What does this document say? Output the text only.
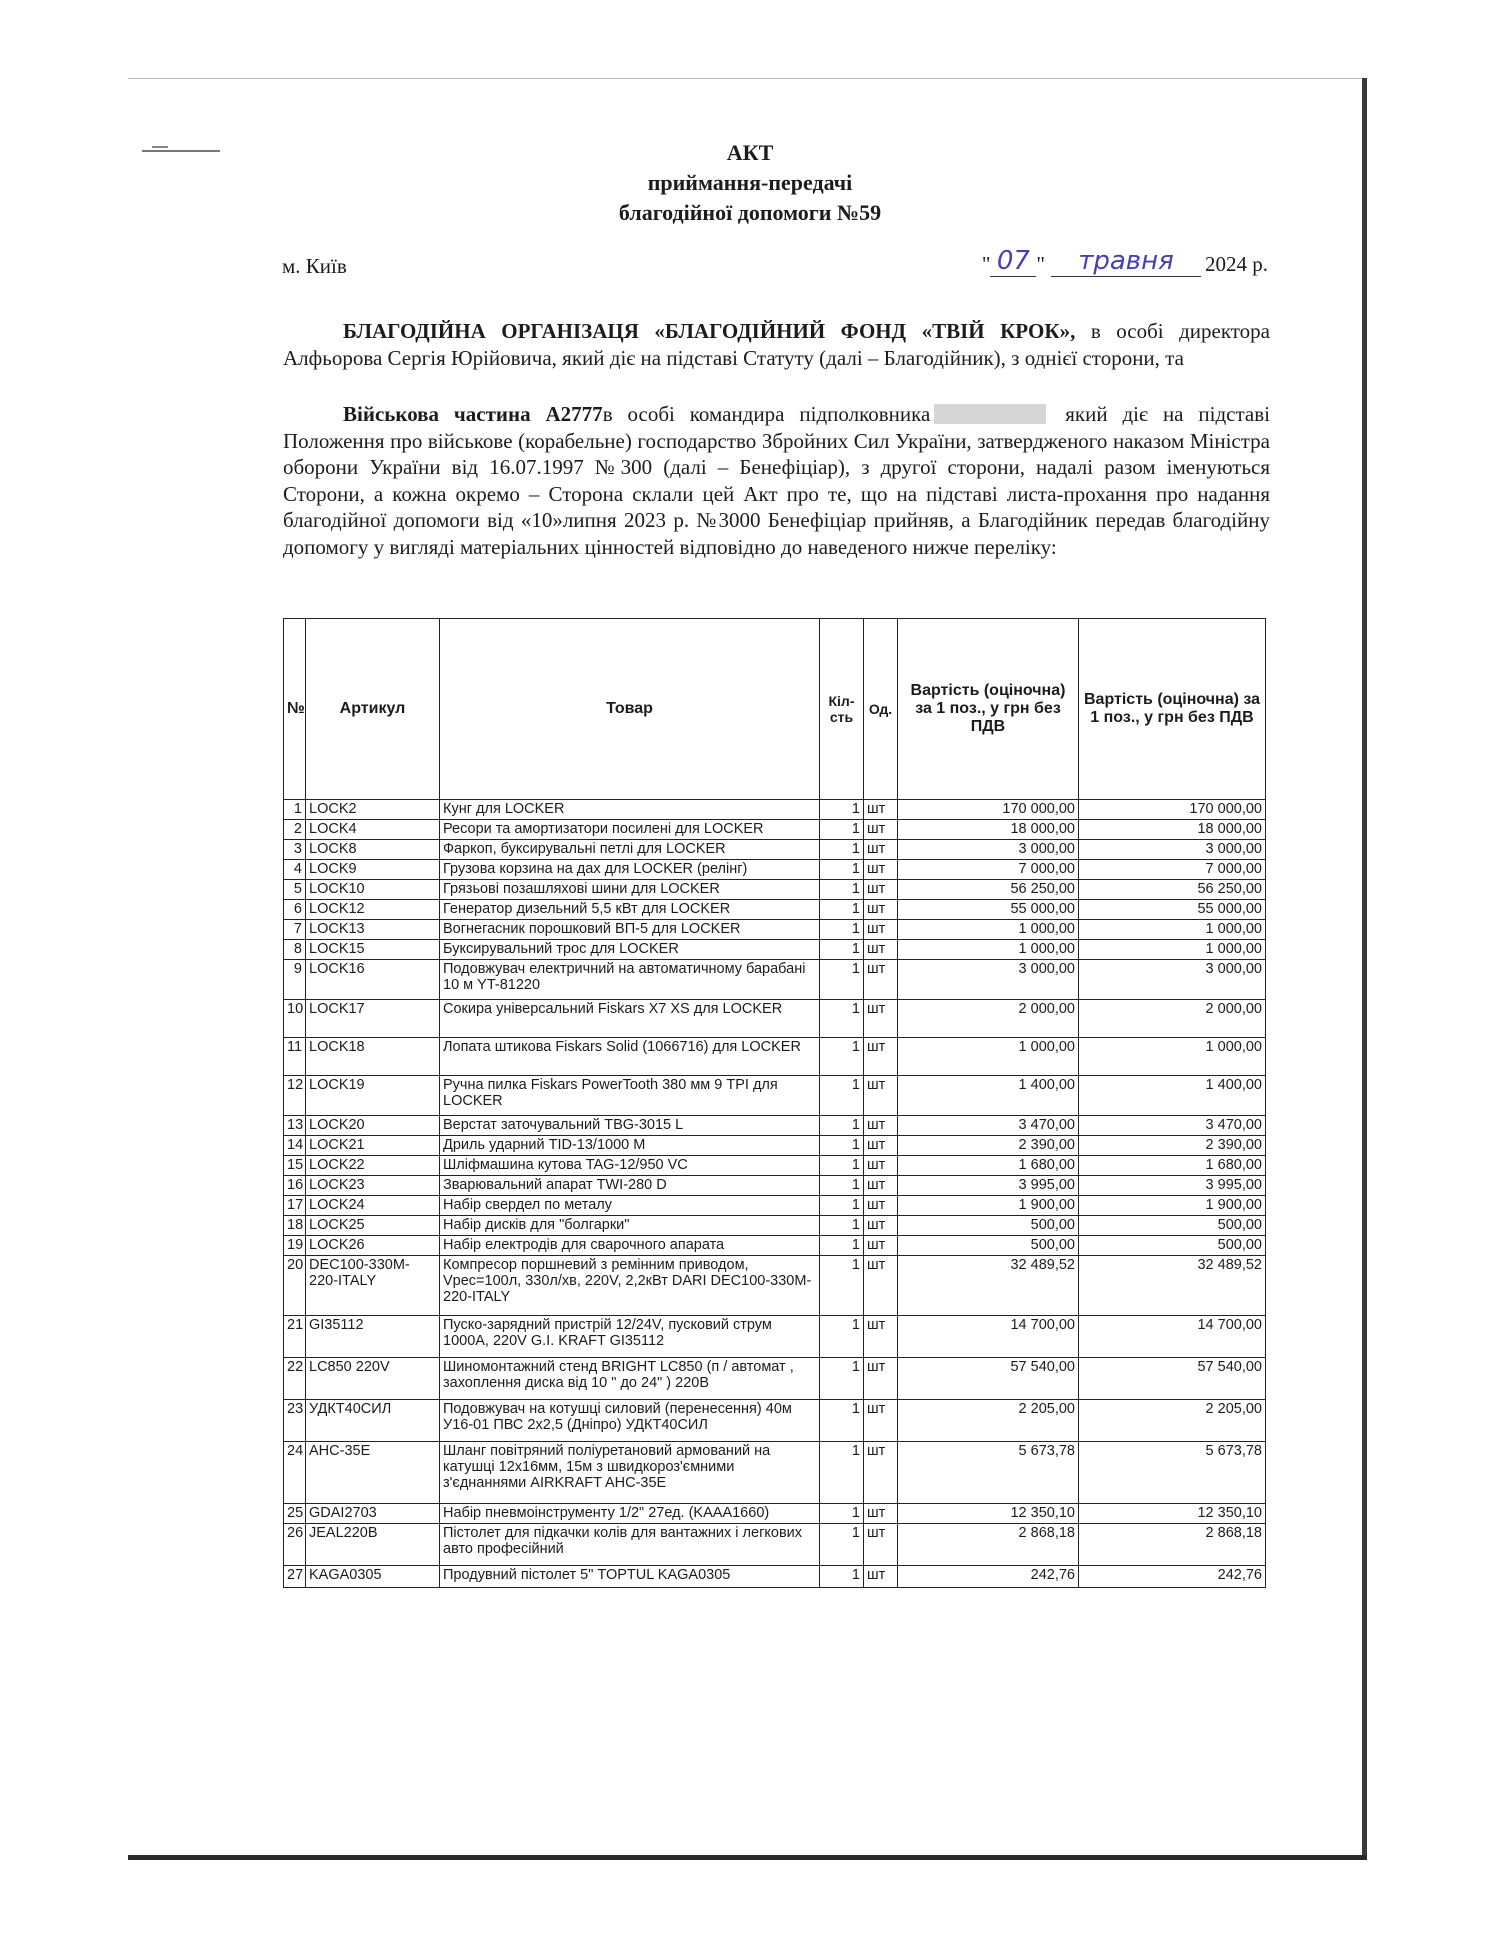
АКТ
приймання-передачі
благодійної допомоги №59
м. Київ	" 07 "	травня	2024 р.
БЛАГОДІЙНА ОРГАНІЗАЦЯ «БЛАГОДІЙНИЙ ФОНД «ТВІЙ КРОК», в особі директора Алфьорова Сергія Юрійовича, який діє на підставі Статуту (далі – Благодійник), з однієї сторони, та
Військова частина А2777в особі командира підполковника	який діє на підставі Положення про військове (корабельне) господарство Збройних Сил України, затвердженого наказом Міністра оборони України від 16.07.1997 №300 (далі – Бенефіціар), з другої сторони, надалі разом іменуються Сторони, а кожна окремо – Сторона склали цей Акт про те, що на підставі листа-прохання про надання благодійної допомоги від «10»липня 2023 р. №3000 Бенефіціар прийняв, а Благодійник передав благодійну допомогу у вигляді матеріальних цінностей відповідно до наведеного нижче переліку:
№	Артикул	Товар	Кіл-сть	Од.	Вартість (оціночна) за 1 поз., у грн без ПДВ	Вартість (оціночна) за 1 поз., у грн без ПДВ
1	LOCK2	Кунг для LOCKER	1	шт	170 000,00	170 000,00
2	LOCK4	Ресори та амортизатори посилені для LOCKER	1	шт	18 000,00	18 000,00
3	LOCK8	Фаркоп, буксирувальні петлі для LOCKER	1	шт	3 000,00	3 000,00
4	LOCK9	Грузова корзина на дах для LOCKER (релінг)	1	шт	7 000,00	7 000,00
5	LOCK10	Грязьові позашляхові шини для LOCKER	1	шт	56 250,00	56 250,00
6	LOCK12	Генератор дизельний 5,5 кВт для LOCKER	1	шт	55 000,00	55 000,00
7	LOCK13	Вогнегасник порошковий ВП-5 для LOCKER	1	шт	1 000,00	1 000,00
8	LOCK15	Буксирувальний трос для LOCKER	1	шт	1 000,00	1 000,00
9	LOCK16	Подовжувач електричний на автоматичному барабані 10 м YT-81220	1	шт	3 000,00	3 000,00
10	LOCK17	Сокира універсальний Fiskars X7 XS для LOCKER	1	шт	2 000,00	2 000,00
11	LOCK18	Лопата штикова Fiskars Solid (1066716) для LOCKER	1	шт	1 000,00	1 000,00
12	LOCK19	Ручна пилка Fiskars PowerTooth 380 мм 9 TPI для LOCKER	1	шт	1 400,00	1 400,00
13	LOCK20	Верстат заточувальний TBG-3015 L	1	шт	3 470,00	3 470,00
14	LOCK21	Дриль ударний TID-13/1000 M	1	шт	2 390,00	2 390,00
15	LOCK22	Шліфмашина кутова TAG-12/950 VC	1	шт	1 680,00	1 680,00
16	LOCK23	Зварювальний апарат TWI-280 D	1	шт	3 995,00	3 995,00
17	LOCK24	Набір свердел по металу	1	шт	1 900,00	1 900,00
18	LOCK25	Набір дисків для "болгарки"	1	шт	500,00	500,00
19	LOCK26	Набір електродів для сварочного апарата	1	шт	500,00	500,00
20	DEC100-330M-220-ITALY	Компресор поршневий з ремінним приводом, Vpec=100л, 330л/хв, 220V, 2,2кВт DARI DEC100-330M-220-ITALY	1	шт	32 489,52	32 489,52
21	GI35112	Пуско-зарядний пристрій 12/24V, пусковий струм 1000A, 220V G.I. KRAFT GI35112	1	шт	14 700,00	14 700,00
22	LC850 220V	Шиномонтажний стенд BRIGHT LC850 (п / автомат , захоплення диска від 10 " до 24" ) 220В	1	шт	57 540,00	57 540,00
23	УДКТ40СИЛ	Подовжувач на котушці силовий (перенесення) 40м У16-01 ПВС 2х2,5 (Дніпро) УДКТ40СИЛ	1	шт	2 205,00	2 205,00
24	AHC-35E	Шланг повітряний поліуретановий армований на катушці 12х16мм, 15м з швидкороз'ємними з'єднаннями AIRKRAFT AHC-35E	1	шт	5 673,78	5 673,78
25	GDAI2703	Набір пневмоінструменту 1/2" 27ед. (KAAA1660)	1	шт	12 350,10	12 350,10
26	JEAL220B	Пістолет для підкачки колів для вантажних і легкових авто професійний	1	шт	2 868,18	2 868,18
27	KAGA0305	Продувний пістолет 5" TOPTUL KAGA0305	1	шт	242,76	242,76
